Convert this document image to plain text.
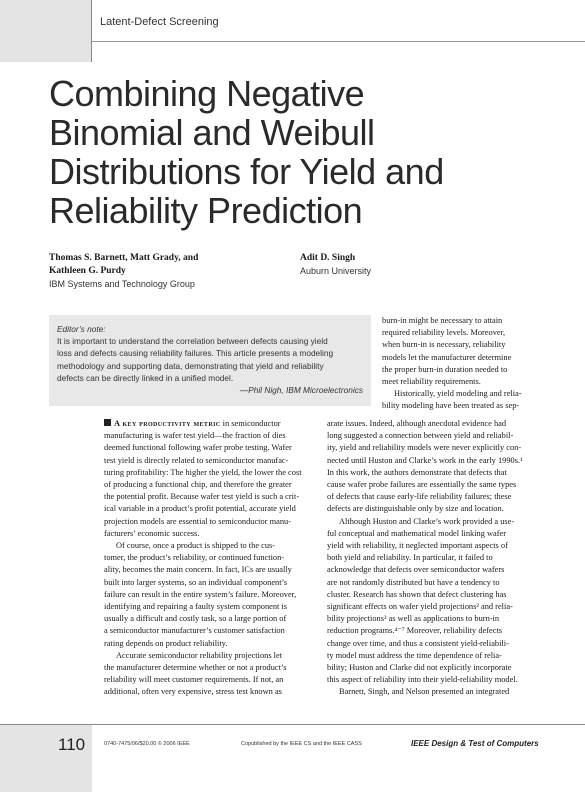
Latent-Defect Screening
Combining Negative
Binomial and Weibull
Distributions for Yield and
Reliability Prediction
Thomas S. Barnett, Matt Grady, and
Kathleen G. Purdy
IBM Systems and Technology Group
Adit D. Singh
Auburn University
Editor’s note:
It is important to understand the correlation between defects causing yield
loss and defects causing reliability failures. This article presents a modeling
methodology and supporting data, demonstrating that yield and reliability
defects can be directly linked in a unified model.
—Phil Nigh, IBM Microelectronics

A key productivity metric in semiconductor
manufacturing is wafer test yield—the fraction of dies
deemed functional following wafer probe testing. Wafer
test yield is directly related to semiconductor manufac-
turing profitability: The higher the yield, the lower the cost
of producing a functional chip, and therefore the greater
the potential profit. Because wafer test yield is such a crit-
ical variable in a product’s profit potential, accurate yield
projection models are essential to semiconductor manu-
facturers’ economic success.

Of course, once a product is shipped to the cus-
tomer, the product’s reliability, or continued function-
ality, becomes the main concern. In fact, ICs are usually
built into larger systems, so an individual component’s
failure can result in the entire system’s failure. Moreover,
identifying and repairing a faulty system component is
usually a difficult and costly task, so a large portion of
a semiconductor manufacturer’s customer satisfaction
rating depends on product reliability.

Accurate semiconductor reliability projections let
the manufacturer determine whether or not a product’s
reliability will meet customer requirements. If not, an
additional, often very expensive, stress test known as

burn-in might be necessary to attain
required reliability levels. Moreover,
when burn-in is necessary, reliability
models let the manufacturer determine
the proper burn-in duration needed to
meet reliability requirements.

Historically, yield modeling and relia-
bility modeling have been treated as sep-

arate issues. Indeed, although anecdotal evidence had
long suggested a connection between yield and reliabil-
ity, yield and reliability models were never explicitly con-
nected until Huston and Clarke’s work in the early 1990s.¹
In this work, the authors demonstrate that defects that
cause wafer probe failures are essentially the same types
of defects that cause early-life reliability failures; these
defects are distinguishable only by size and location.

Although Huston and Clarke’s work provided a use-
ful conceptual and mathematical model linking wafer
yield with reliability, it neglected important aspects of
both yield and reliability. In particular, it failed to
acknowledge that defects over semiconductor wafers
are not randomly distributed but have a tendency to
cluster. Research has shown that defect clustering has
significant effects on wafer yield projections² and relia-
bility projections³ as well as applications to burn-in
reduction programs.⁴⁻⁷ Moreover, reliability defects
change over time, and thus a consistent yield-reliabili-
ty model must address the time dependence of relia-
bility; Huston and Clarke did not explicitly incorporate
this aspect of reliability into their yield-reliability model.

Barnett, Singh, and Nelson presented an integrated

110	0740-7475/06/$20.00 © 2006 IEEE	Copublished by the IEEE CS and the IEEE CASS	IEEE Design & Test of Computers
